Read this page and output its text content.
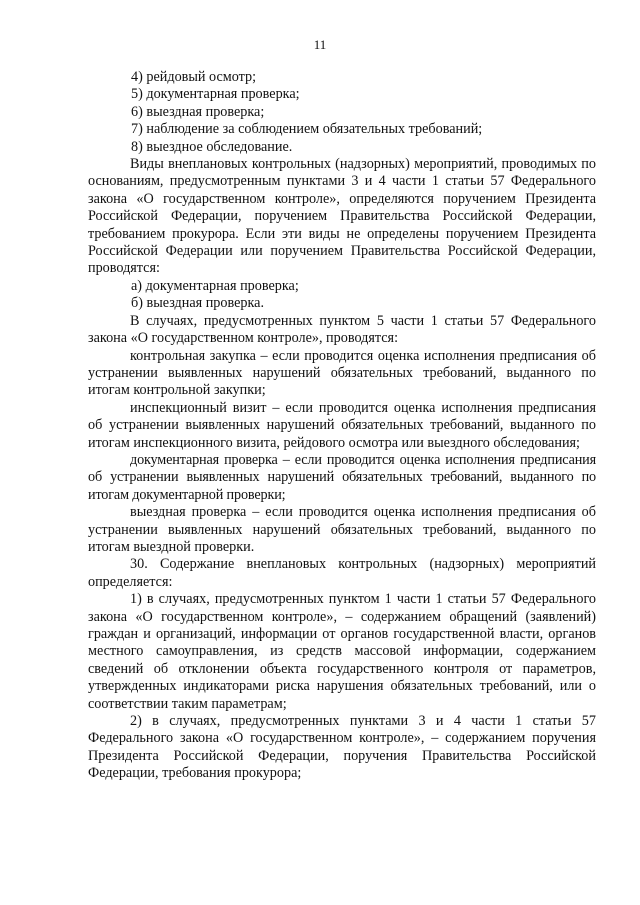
11

4) рейдовый осмотр;

5) документарная проверка;

6) выездная проверка;

7) наблюдение за соблюдением обязательных требований;

8) выездное обследование.

Виды внеплановых контрольных (надзорных) мероприятий, проводимых по основаниям, предусмотренным пунктами 3 и 4 части 1 статьи 57 Федерального закона «О государственном контроле», определяются поручением Президента Российской Федерации, поручением Правительства Российской Федерации, требованием прокурора. Если эти виды не определены поручением Президента Российской Федерации или поручением Правительства Российской Федерации, проводятся:

а) документарная проверка;

б) выездная проверка.

В случаях, предусмотренных пунктом 5 части 1 статьи 57 Федерального закона «О государственном контроле», проводятся:

контрольная закупка – если проводится оценка исполнения предписания об устранении выявленных нарушений обязательных требований, выданного по итогам контрольной закупки;

инспекционный визит – если проводится оценка исполнения предписания об устранении выявленных нарушений обязательных требований, выданного по итогам инспекционного визита, рейдового осмотра или выездного обследования;

документарная проверка – если проводится оценка исполнения предписания об устранении выявленных нарушений обязательных требований, выданного по итогам документарной проверки;

выездная проверка – если проводится оценка исполнения предписания об устранении выявленных нарушений обязательных требований, выданного по итогам выездной проверки.

30. Содержание внеплановых контрольных (надзорных) мероприятий определяется:

1) в случаях, предусмотренных пунктом 1 части 1 статьи 57 Федерального закона «О государственном контроле», – содержанием обращений (заявлений) граждан и организаций, информации от органов государственной власти, органов местного самоуправления, из средств массовой информации, содержанием сведений об отклонении объекта государственного контроля от параметров, утвержденных индикаторами риска нарушения обязательных требований, или о соответствии таким параметрам;

2) в случаях, предусмотренных пунктами 3 и 4 части 1 статьи 57 Федерального закона «О государственном контроле», – содержанием поручения Президента Российской Федерации, поручения Правительства Российской Федерации, требования прокурора;
